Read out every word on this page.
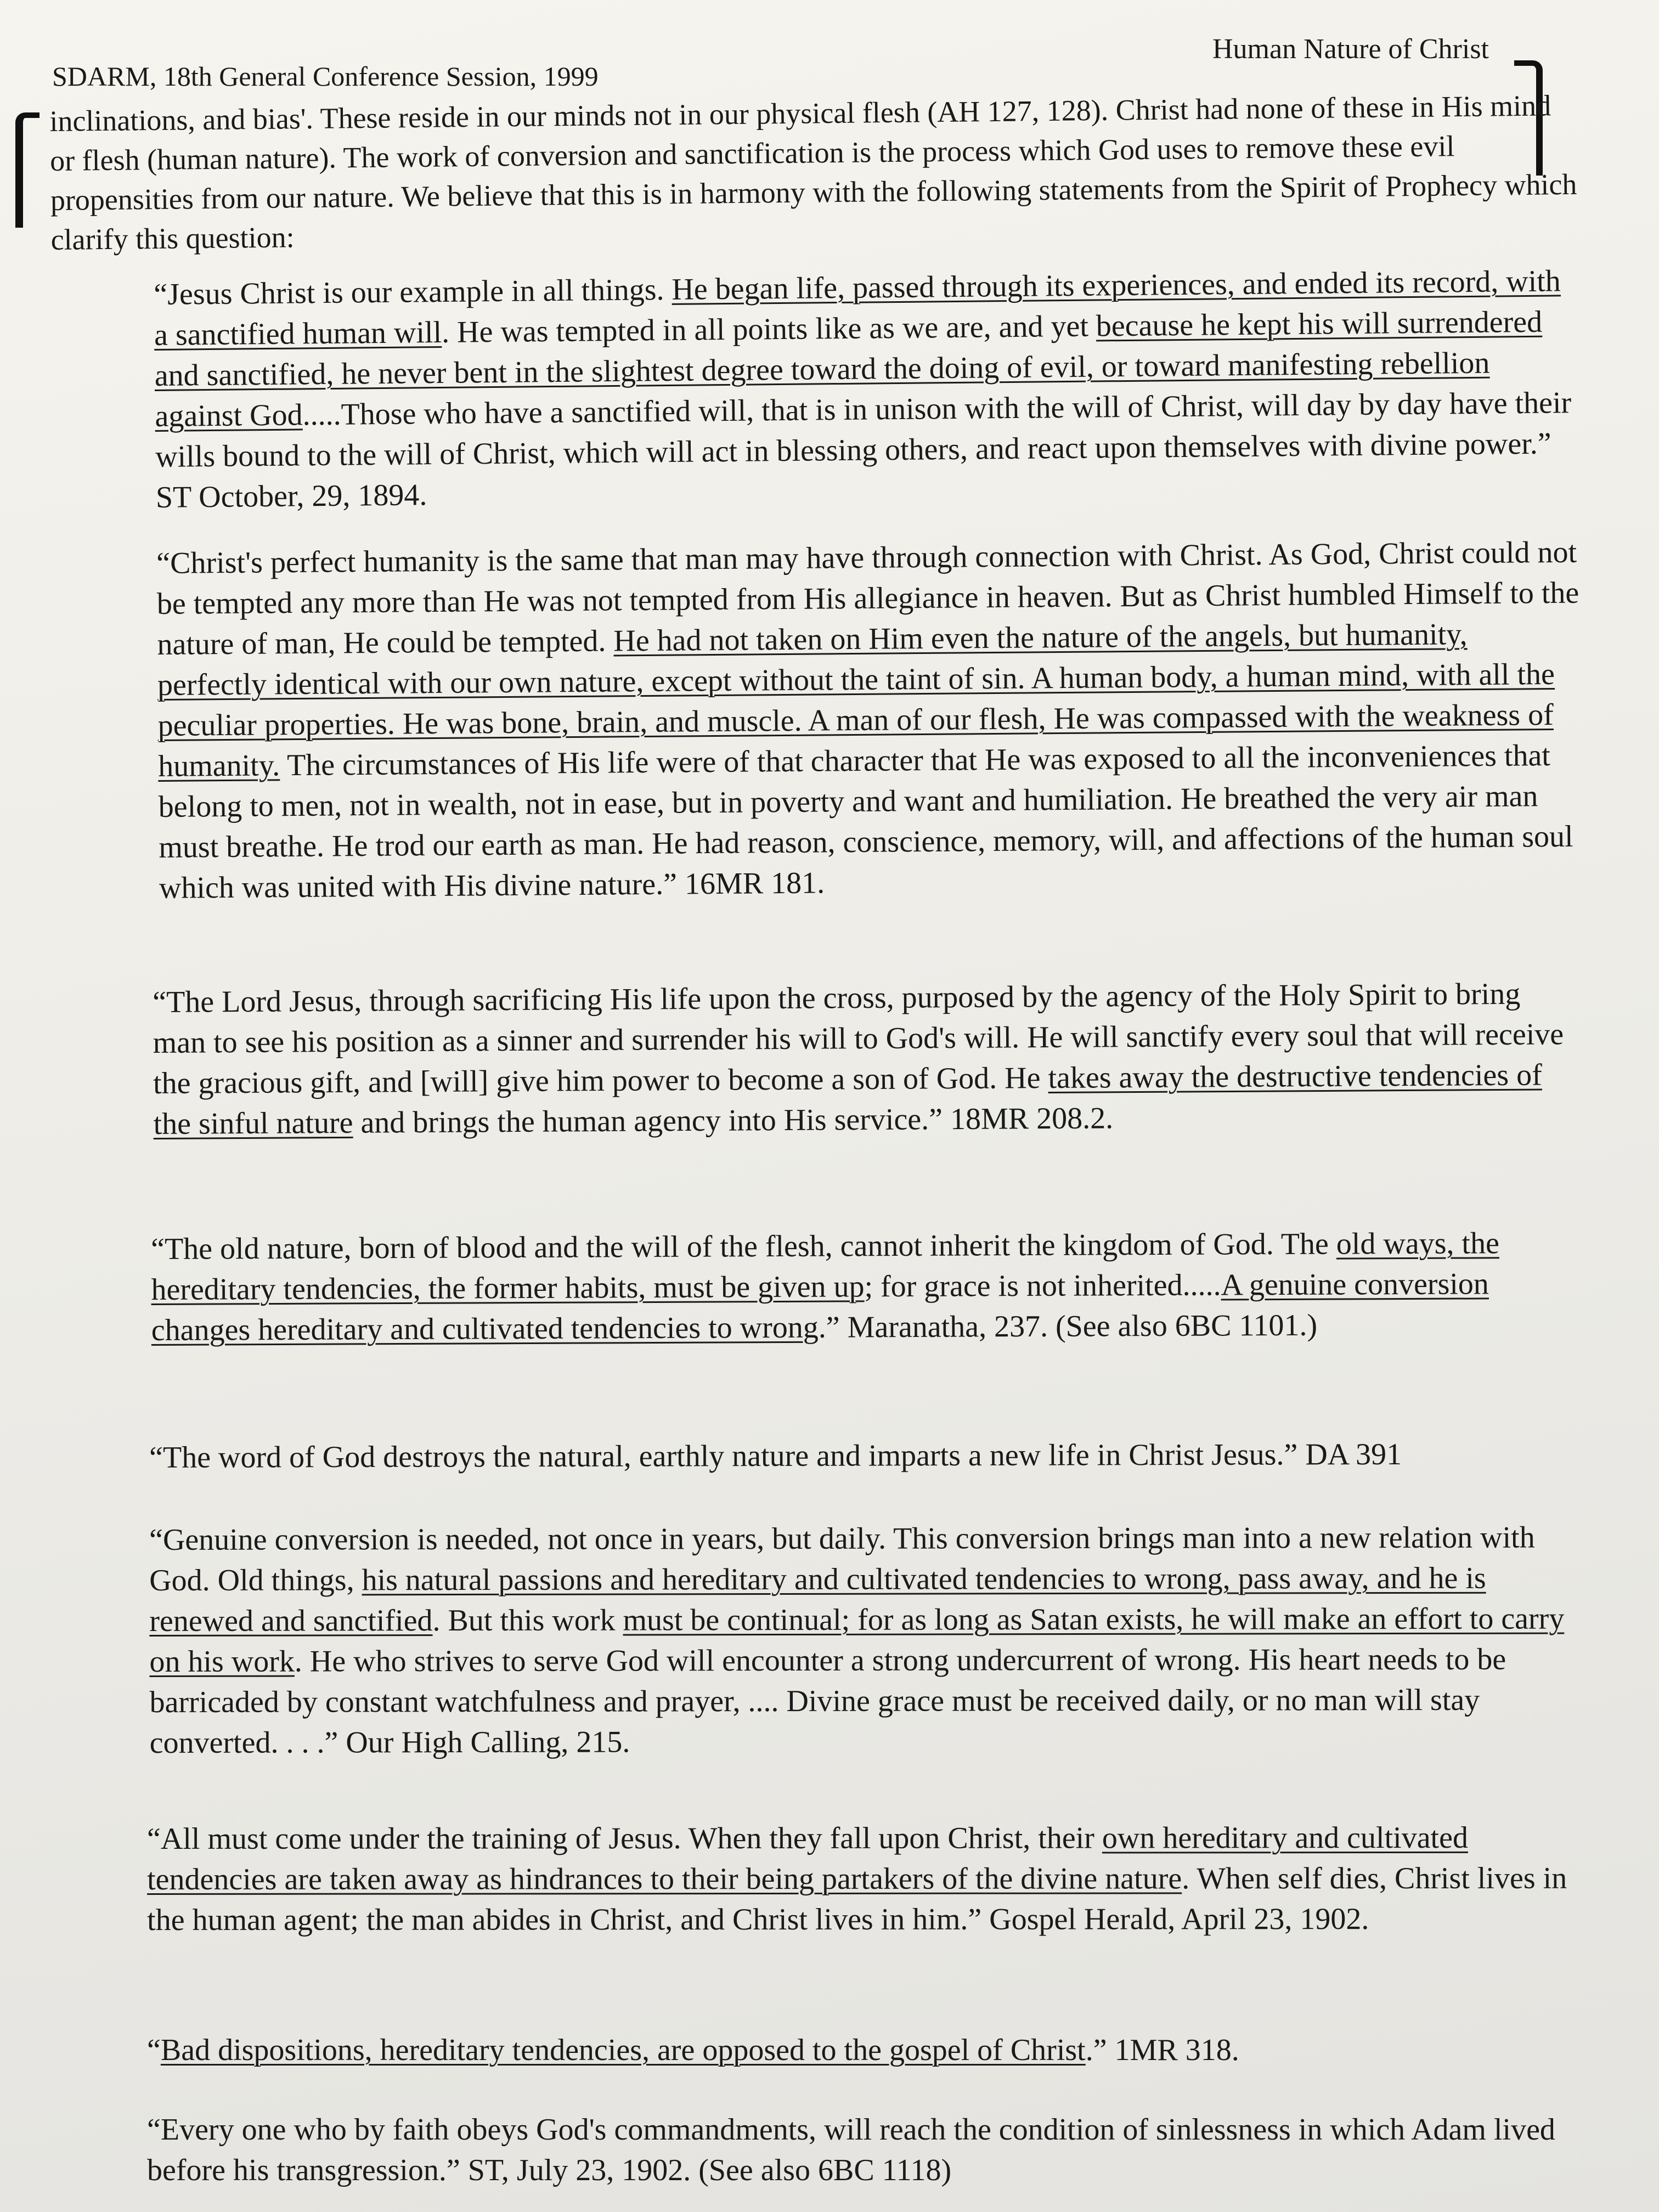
SDARM, 18th General Conference Session, 1999
Human Nature of Christ
inclinations, and bias'. These reside in our minds not in our physical flesh (AH 127, 128). Christ had none of these in His mind or flesh (human nature). The work of conversion and sanctification is the process which God uses to remove these evil propensities from our nature. We believe that this is in harmony with the following statements from the Spirit of Prophecy which clarify this question:
“Jesus Christ is our example in all things. He began life, passed through its experiences, and ended its record, with a sanctified human will. He was tempted in all points like as we are, and yet because he kept his will surrendered and sanctified, he never bent in the slightest degree toward the doing of evil, or toward manifesting rebellion against God.....Those who have a sanctified will, that is in unison with the will of Christ, will day by day have their wills bound to the will of Christ, which will act in blessing others, and react upon themselves with divine power.” ST October, 29, 1894.
“Christ's perfect humanity is the same that man may have through connection with Christ. As God, Christ could not be tempted any more than He was not tempted from His allegiance in heaven. But as Christ humbled Himself to the nature of man, He could be tempted. He had not taken on Him even the nature of the angels, but humanity, perfectly identical with our own nature, except without the taint of sin. A human body, a human mind, with all the peculiar properties. He was bone, brain, and muscle. A man of our flesh, He was compassed with the weakness of humanity. The circumstances of His life were of that character that He was exposed to all the inconveniences that belong to men, not in wealth, not in ease, but in poverty and want and humiliation. He breathed the very air man must breathe. He trod our earth as man. He had reason, conscience, memory, will, and affections of the human soul which was united with His divine nature.” 16MR 181.
“The Lord Jesus, through sacrificing His life upon the cross, purposed by the agency of the Holy Spirit to bring man to see his position as a sinner and surrender his will to God's will. He will sanctify every soul that will receive the gracious gift, and [will] give him power to become a son of God. He takes away the destructive tendencies of the sinful nature and brings the human agency into His service.” 18MR 208.2.
“The old nature, born of blood and the will of the flesh, cannot inherit the kingdom of God. The old ways, the hereditary tendencies, the former habits, must be given up; for grace is not inherited.....A genuine conversion changes hereditary and cultivated tendencies to wrong.” Maranatha, 237. (See also 6BC 1101.)
“The word of God destroys the natural, earthly nature and imparts a new life in Christ Jesus.” DA 391
“Genuine conversion is needed, not once in years, but daily. This conversion brings man into a new relation with God. Old things, his natural passions and hereditary and cultivated tendencies to wrong, pass away, and he is renewed and sanctified. But this work must be continual; for as long as Satan exists, he will make an effort to carry on his work. He who strives to serve God will encounter a strong undercurrent of wrong. His heart needs to be barricaded by constant watchfulness and prayer, .... Divine grace must be received daily, or no man will stay converted. . . .” Our High Calling, 215.
“All must come under the training of Jesus. When they fall upon Christ, their own hereditary and cultivated tendencies are taken away as hindrances to their being partakers of the divine nature. When self dies, Christ lives in the human agent; the man abides in Christ, and Christ lives in him.” Gospel Herald, April 23, 1902.
“Bad dispositions, hereditary tendencies, are opposed to the gospel of Christ.” 1MR 318.
“Every one who by faith obeys God's commandments, will reach the condition of sinlessness in which Adam lived before his transgression.” ST, July 23, 1902. (See also 6BC 1118)
